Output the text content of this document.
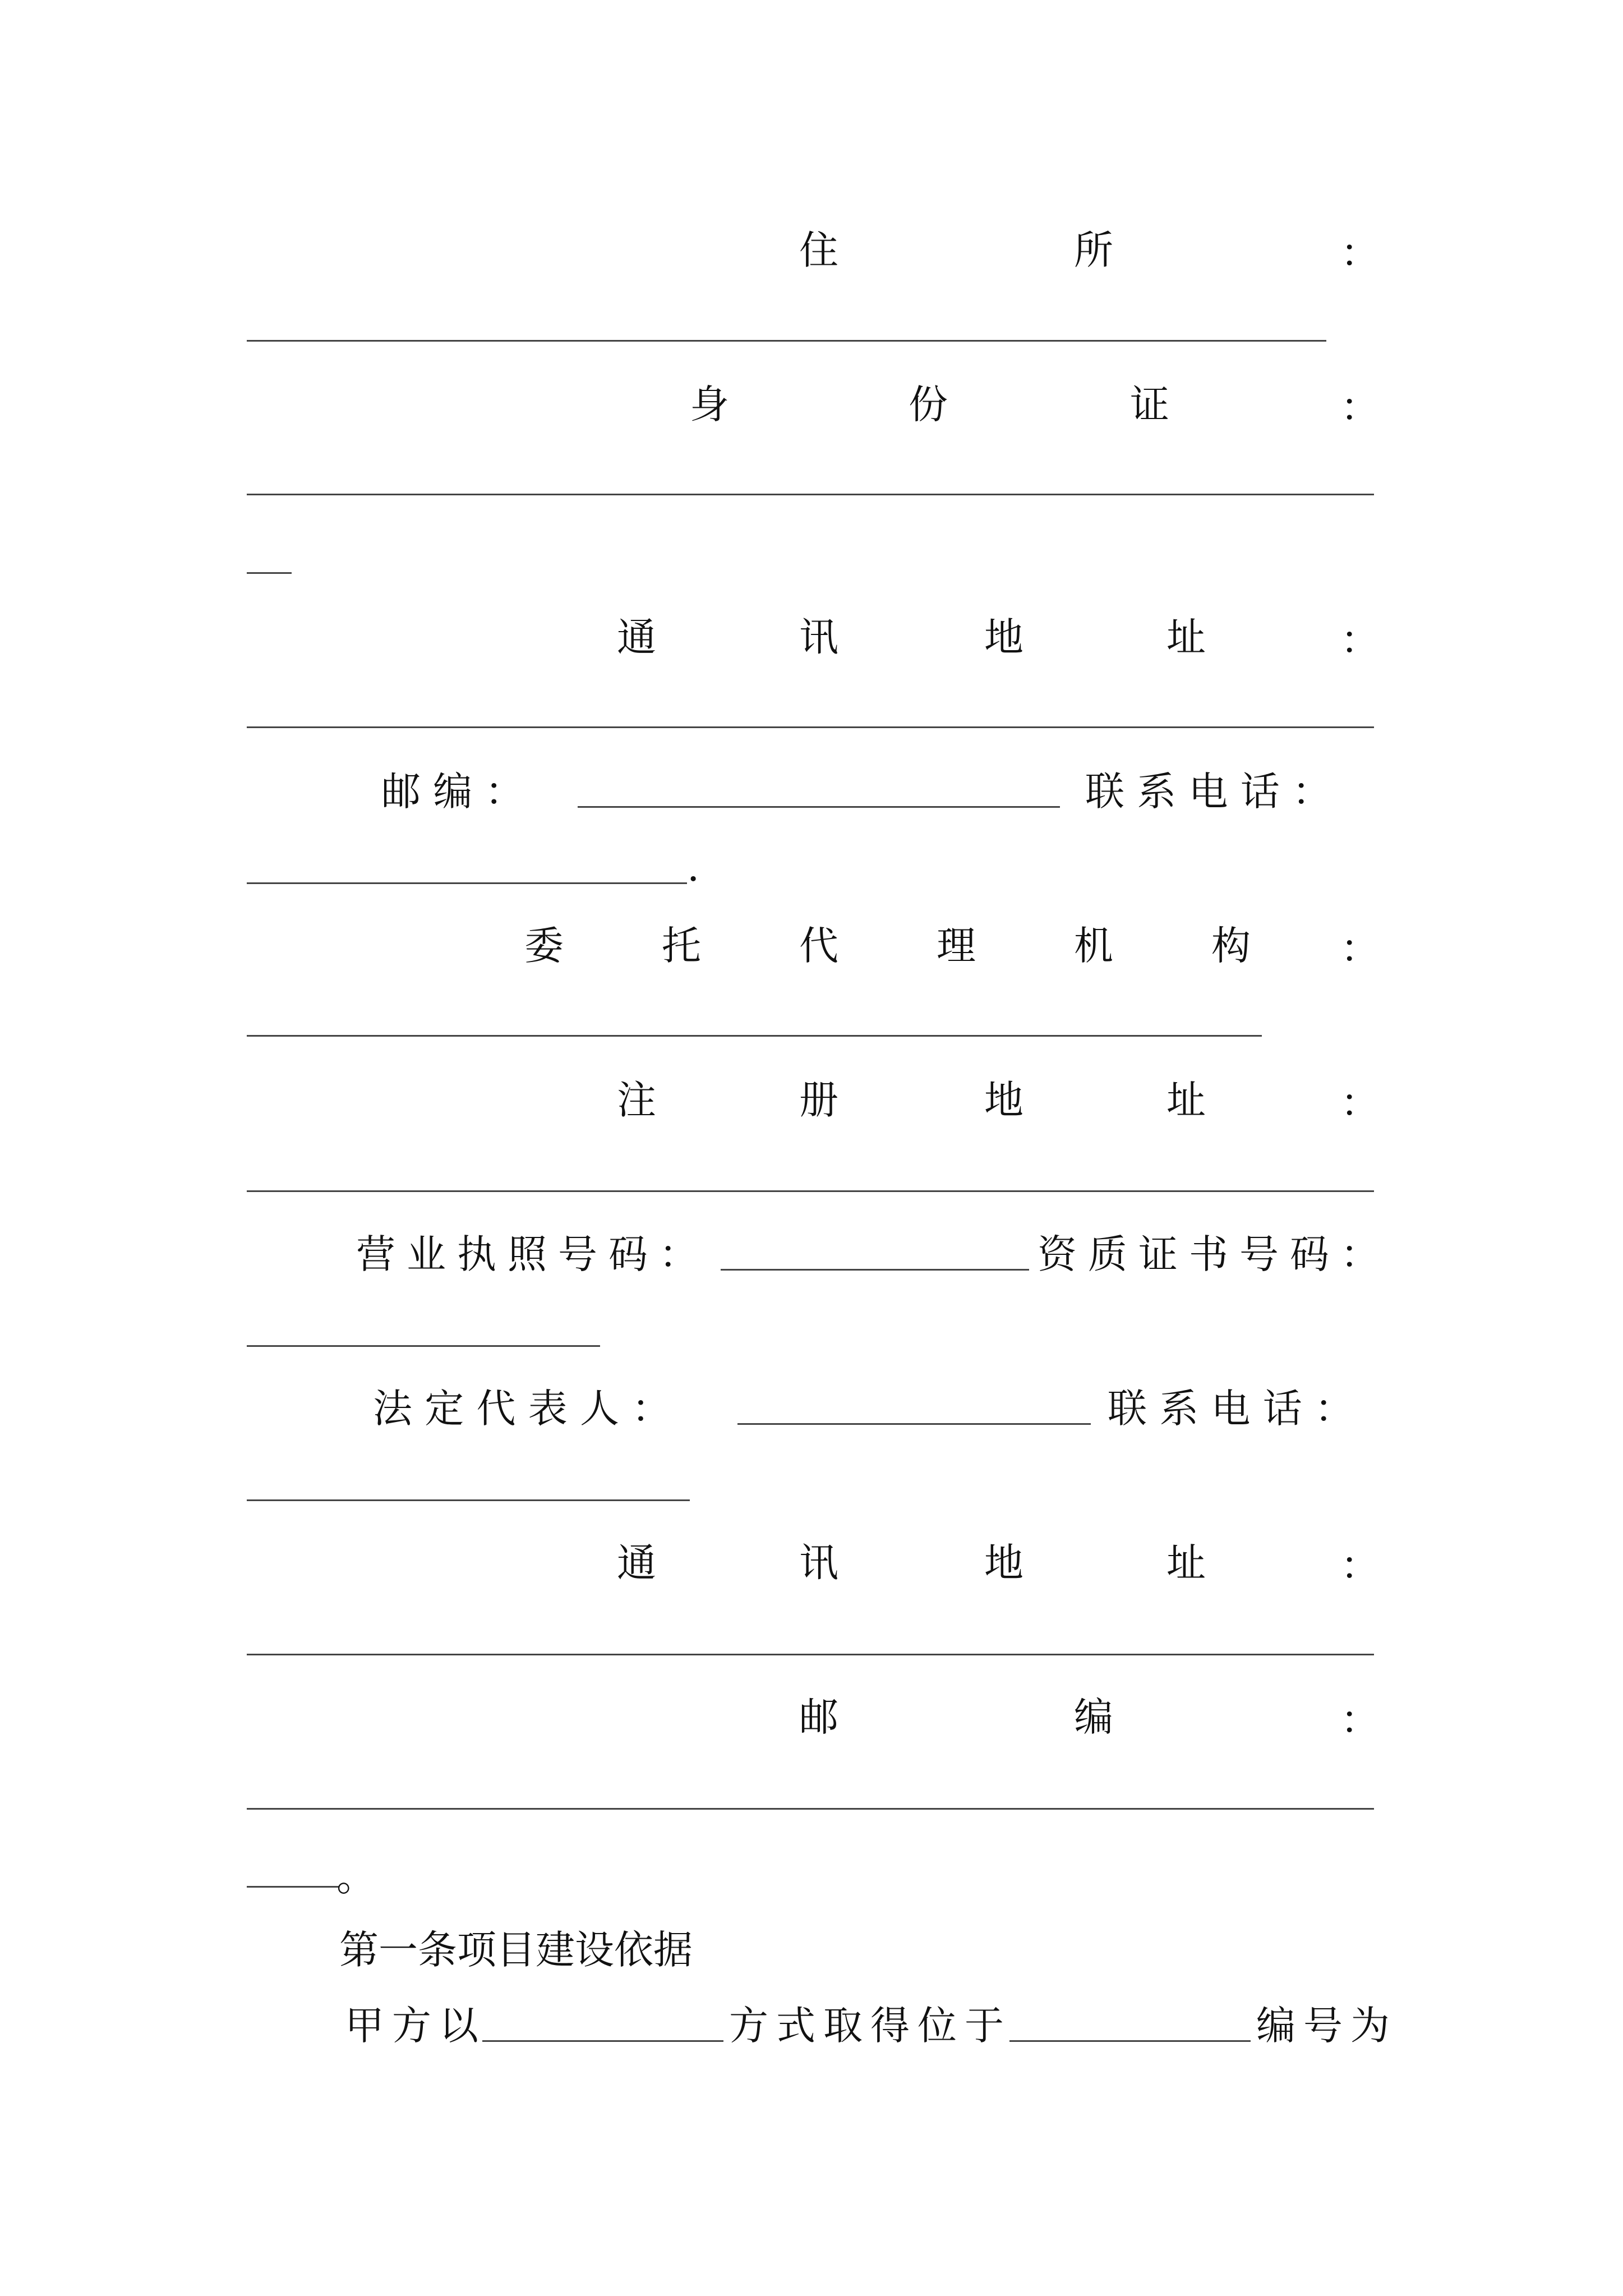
住	所	：
身	份	证	：
通	讯	地	址	：
邮 编 ：	联 系 电 话 ：
.
委	托	代	理	机	构 ：
注	册	地	址	：
营业执照号码：	资质证书号码：
法 定 代 表 人 ：	联 系 电 话 ：
通	讯	地	址	：
邮	编	：
。
第一条项目建设依据
甲方以	方式取得位于	编号为
